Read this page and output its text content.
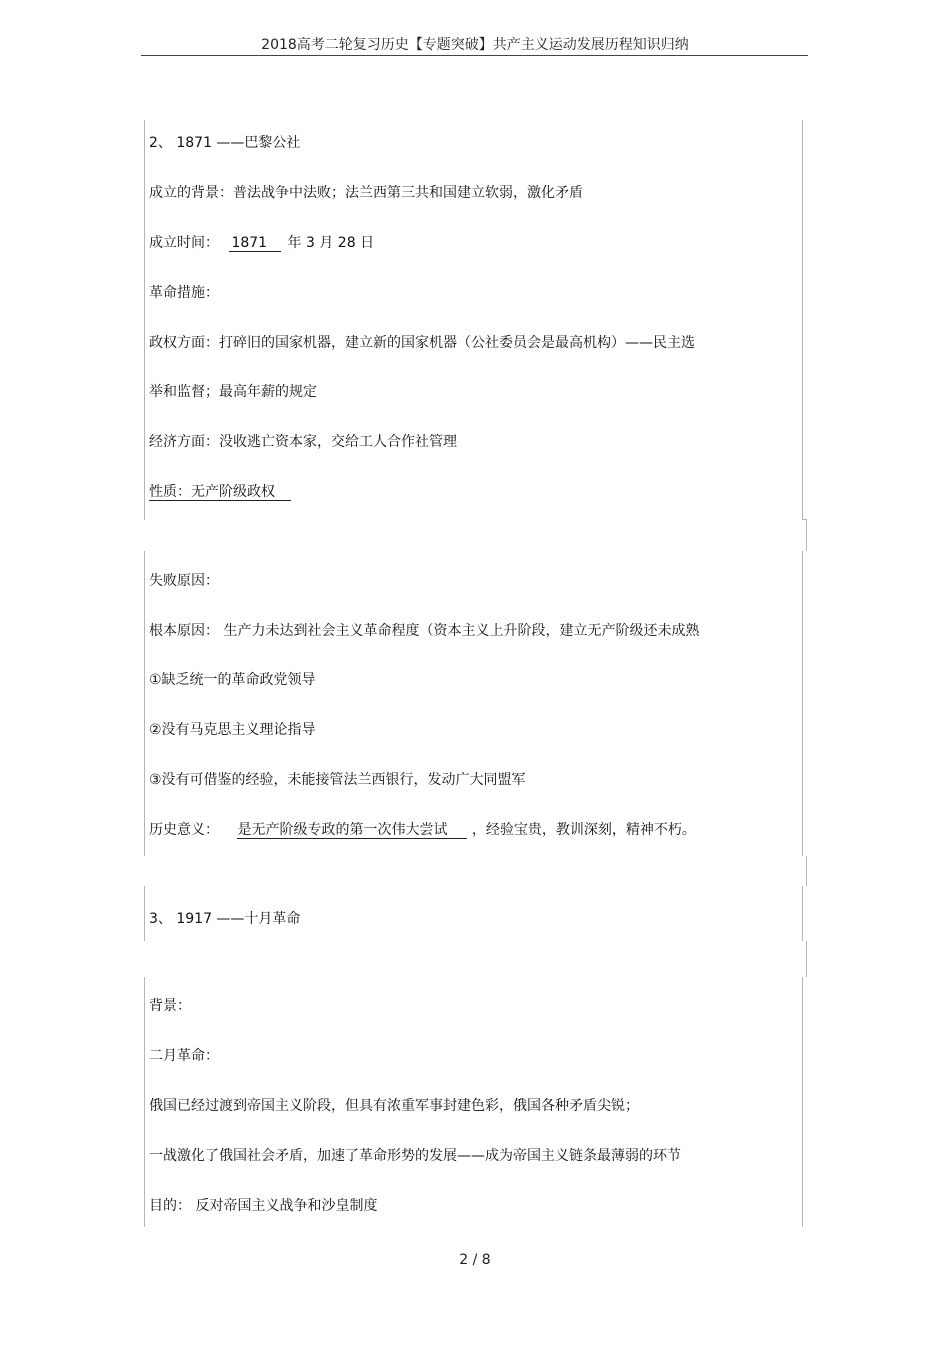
2018高考二轮复习历史【专题突破】共产主义运动发展历程知识归纳
2、 1871 ——巴黎公社
成立的背景：普法战争中法败；法兰西第三共和国建立软弱，激化矛盾
成立时间： 1871 年 3 月 28 日
革命措施：
政权方面：打碎旧的国家机器，建立新的国家机器（公社委员会是最高机构）——民主选
举和监督；最高年薪的规定
经济方面：没收逃亡资本家，交给工人合作社管理
性质：无产阶级政权
失败原因：
根本原因： 生产力未达到社会主义革命程度（资本主义上升阶段，建立无产阶级还未成熟
①缺乏统一的革命政党领导
②没有马克思主义理论指导
③没有可借鉴的经验，未能接管法兰西银行，发动广大同盟军
历史意义： 是无产阶级专政的第一次伟大尝试 ，经验宝贵，教训深刻，精神不朽。
3、 1917 ——十月革命
背景：
二月革命：
俄国已经过渡到帝国主义阶段，但具有浓重军事封建色彩，俄国各种矛盾尖锐；
一战激化了俄国社会矛盾，加速了革命形势的发展——成为帝国主义链条最薄弱的环节
目的： 反对帝国主义战争和沙皇制度
2 / 8
